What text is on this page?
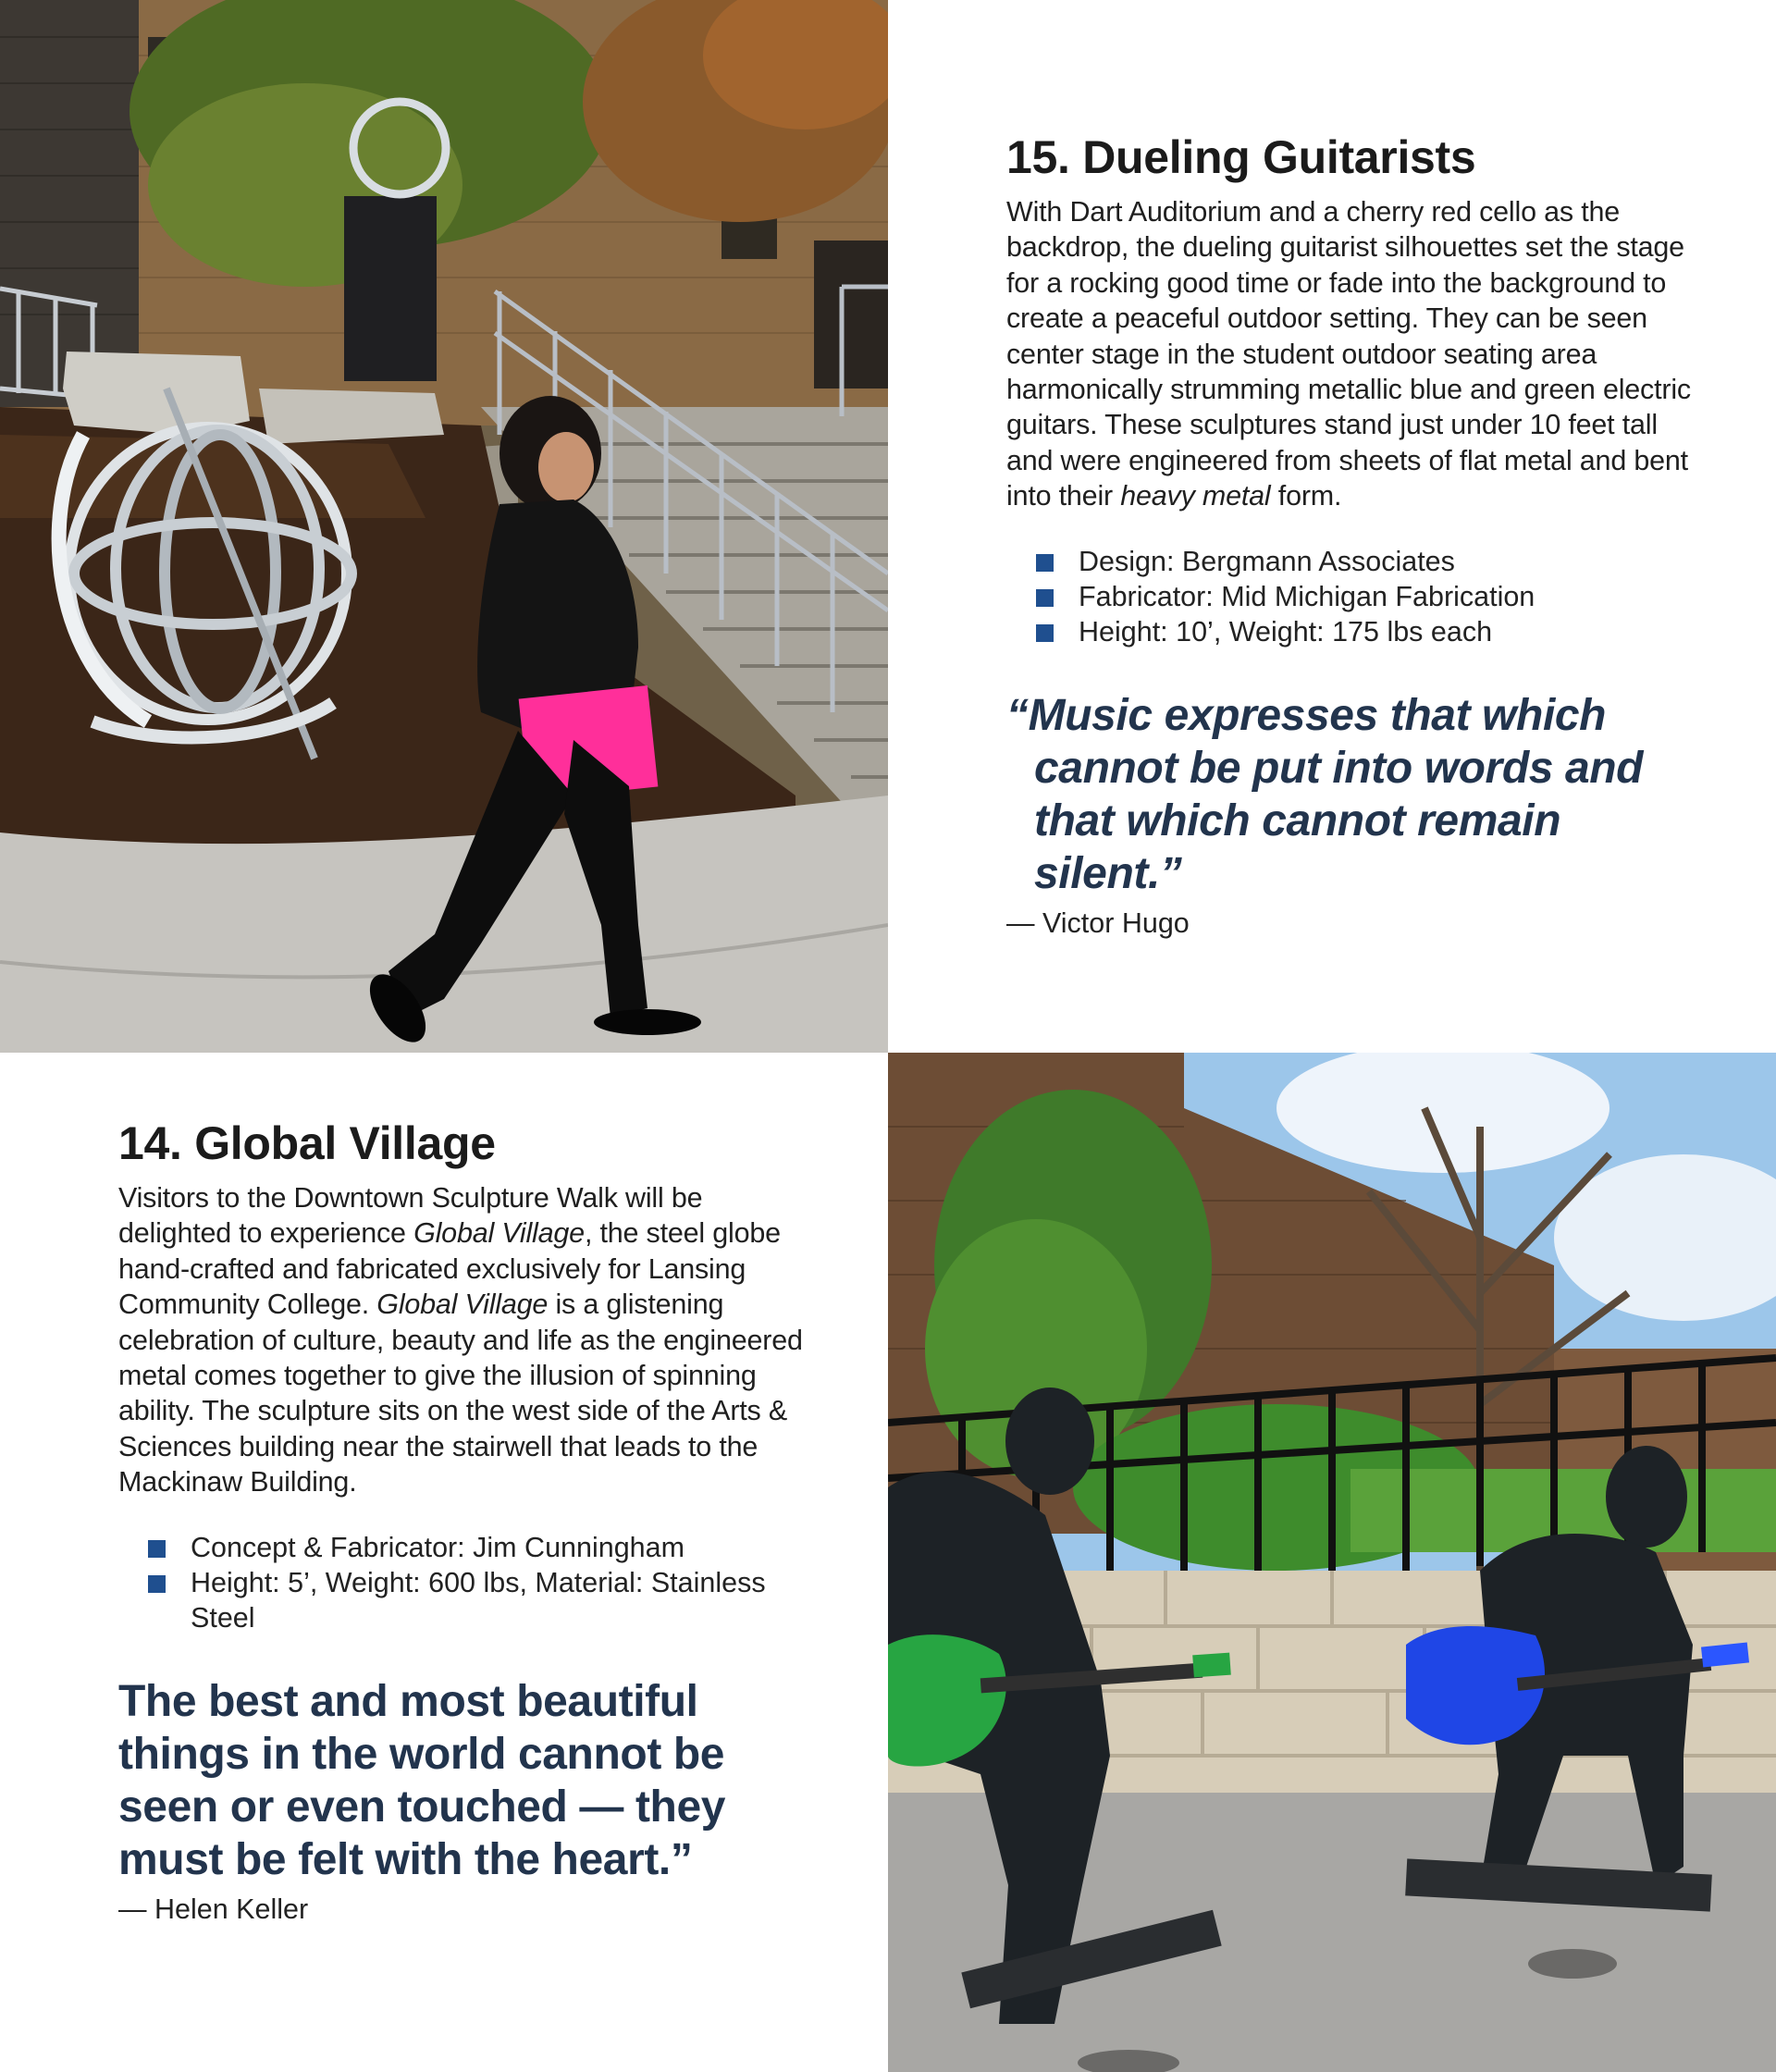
15. Dueling Guitarists

With Dart Auditorium and a cherry red cello as the backdrop, the dueling guitarist silhouettes set the stage for a rocking good time or fade into the background to create a peaceful outdoor setting. They can be seen center stage in the student outdoor seating area harmonically strumming metallic blue and green electric guitars. These sculptures stand just under 10 feet tall and were engineered from sheets of flat metal and bent into their heavy metal form.

Design: Bergmann Associates
Fabricator: Mid Michigan Fabrication
Height: 10’, Weight: 175 lbs each

“Music expresses that which cannot be put into words and that which cannot remain silent.”

— Victor Hugo

14. Global Village

Visitors to the Downtown Sculpture Walk will be delighted to experience Global Village, the steel globe hand-crafted and fabricated exclusively for Lansing Community College. Global Village is a glistening celebration of culture, beauty and life as the engineered metal comes together to give the illusion of spinning ability. The sculpture sits on the west side of the Arts & Sciences building near the stairwell that leads to the Mackinaw Building.

Concept & Fabricator: Jim Cunningham
Height: 5’, Weight: 600 lbs, Material: Stainless Steel

The best and most beautiful things in the world cannot be seen or even touched — they must be felt with the heart.”

— Helen Keller
